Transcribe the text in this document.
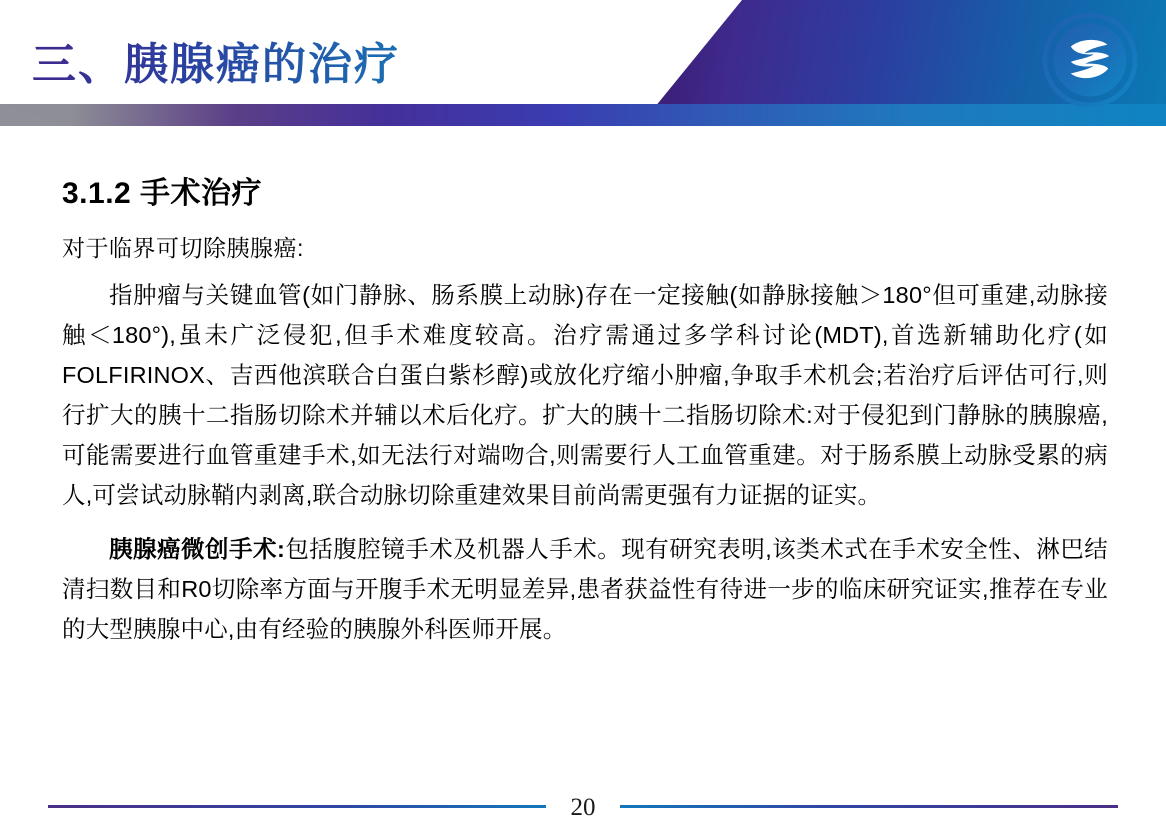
三、胰腺癌的治疗
3.1.2 手术治疗

对于临界可切除胰腺癌:

指肿瘤与关键血管(如门静脉、肠系膜上动脉)存在一定接触(如静脉接触＞180°但可重建,动脉接触＜180°),虽未广泛侵犯,但手术难度较高。治疗需通过多学科讨论(MDT),首选新辅助化疗(如FOLFIRINOX、吉西他滨联合白蛋白紫杉醇)或放化疗缩小肿瘤,争取手术机会;若治疗后评估可行,则行扩大的胰十二指肠切除术并辅以术后化疗。扩大的胰十二指肠切除术:对于侵犯到门静脉的胰腺癌,可能需要进行血管重建手术,如无法行对端吻合,则需要行人工血管重建。对于肠系膜上动脉受累的病人,可尝试动脉鞘内剥离,联合动脉切除重建效果目前尚需更强有力证据的证实。

胰腺癌微创手术:包括腹腔镜手术及机器人手术。现有研究表明,该类术式在手术安全性、淋巴结清扫数目和R0切除率方面与开腹手术无明显差异,患者获益性有待进一步的临床研究证实,推荐在专业的大型胰腺中心,由有经验的胰腺外科医师开展。

20
